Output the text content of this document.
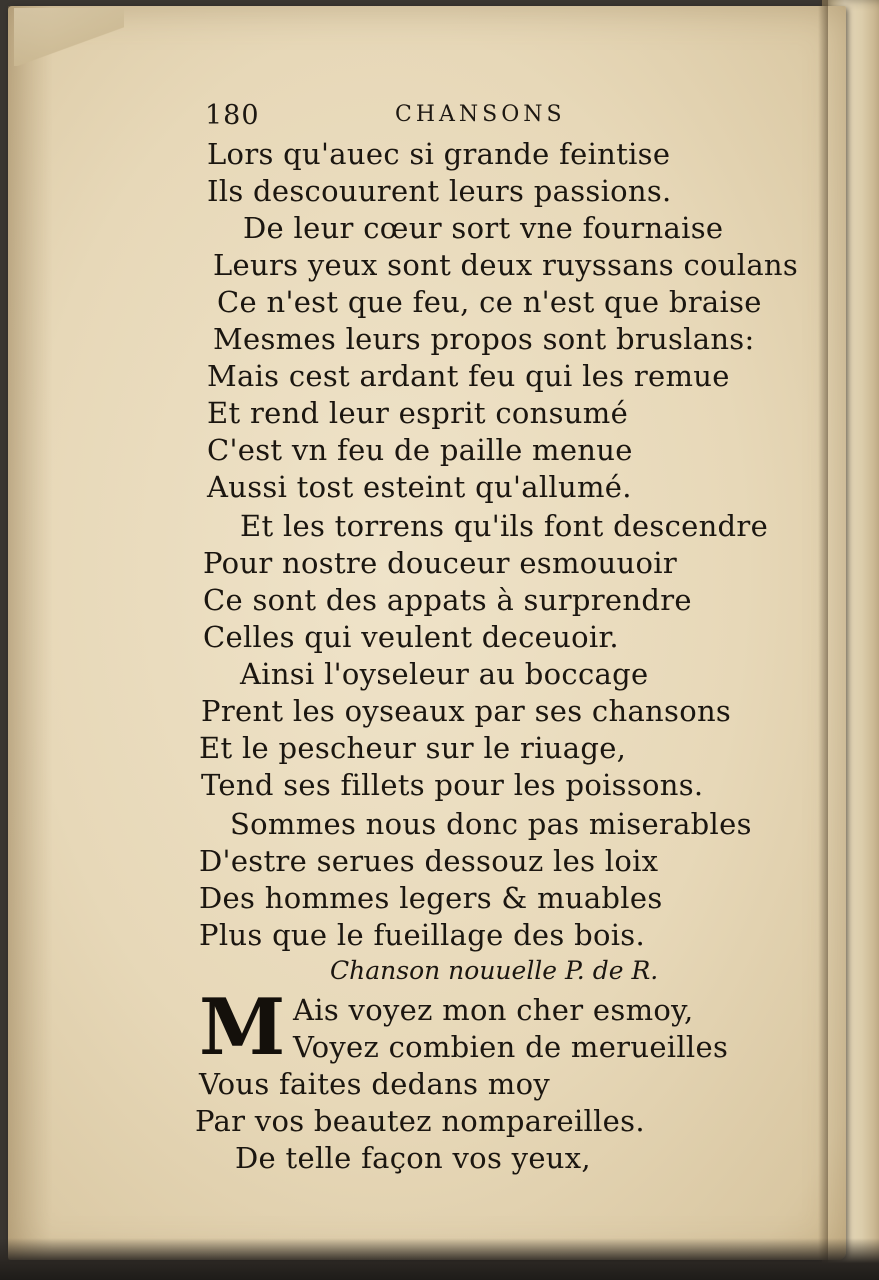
180	CHANSONS
Lors qu'auec si grande feintise
Ils descouurent leurs passions.
De leur cœur sort vne fournaise
Leurs yeux sont deux ruyssans coulans
Ce n'est que feu, ce n'est que braise
Mesmes leurs propos sont bruslans:
Mais cest ardant feu qui les remue
Et rend leur esprit consumé
C'est vn feu de paille menue
Aussi tost esteint qu'allumé.
Et les torrens qu'ils font descendre
Pour nostre douceur esmouuoir
Ce sont des appats à surprendre
Celles qui veulent deceuoir.
Ainsi l'oyseleur au boccage
Prent les oyseaux par ses chansons
Et le pescheur sur le riuage,
Tend ses fillets pour les poissons.
Sommes nous donc pas miserables
D'estre serues dessouz les loix
Des hommes legers & muables
Plus que le fueillage des bois.
Chanson nouuelle P. de R.
M Ais voyez mon cher esmoy,
Voyez combien de merueilles
Vous faites dedans moy
Par vos beautez nompareilles.
De telle façon vos yeux,
